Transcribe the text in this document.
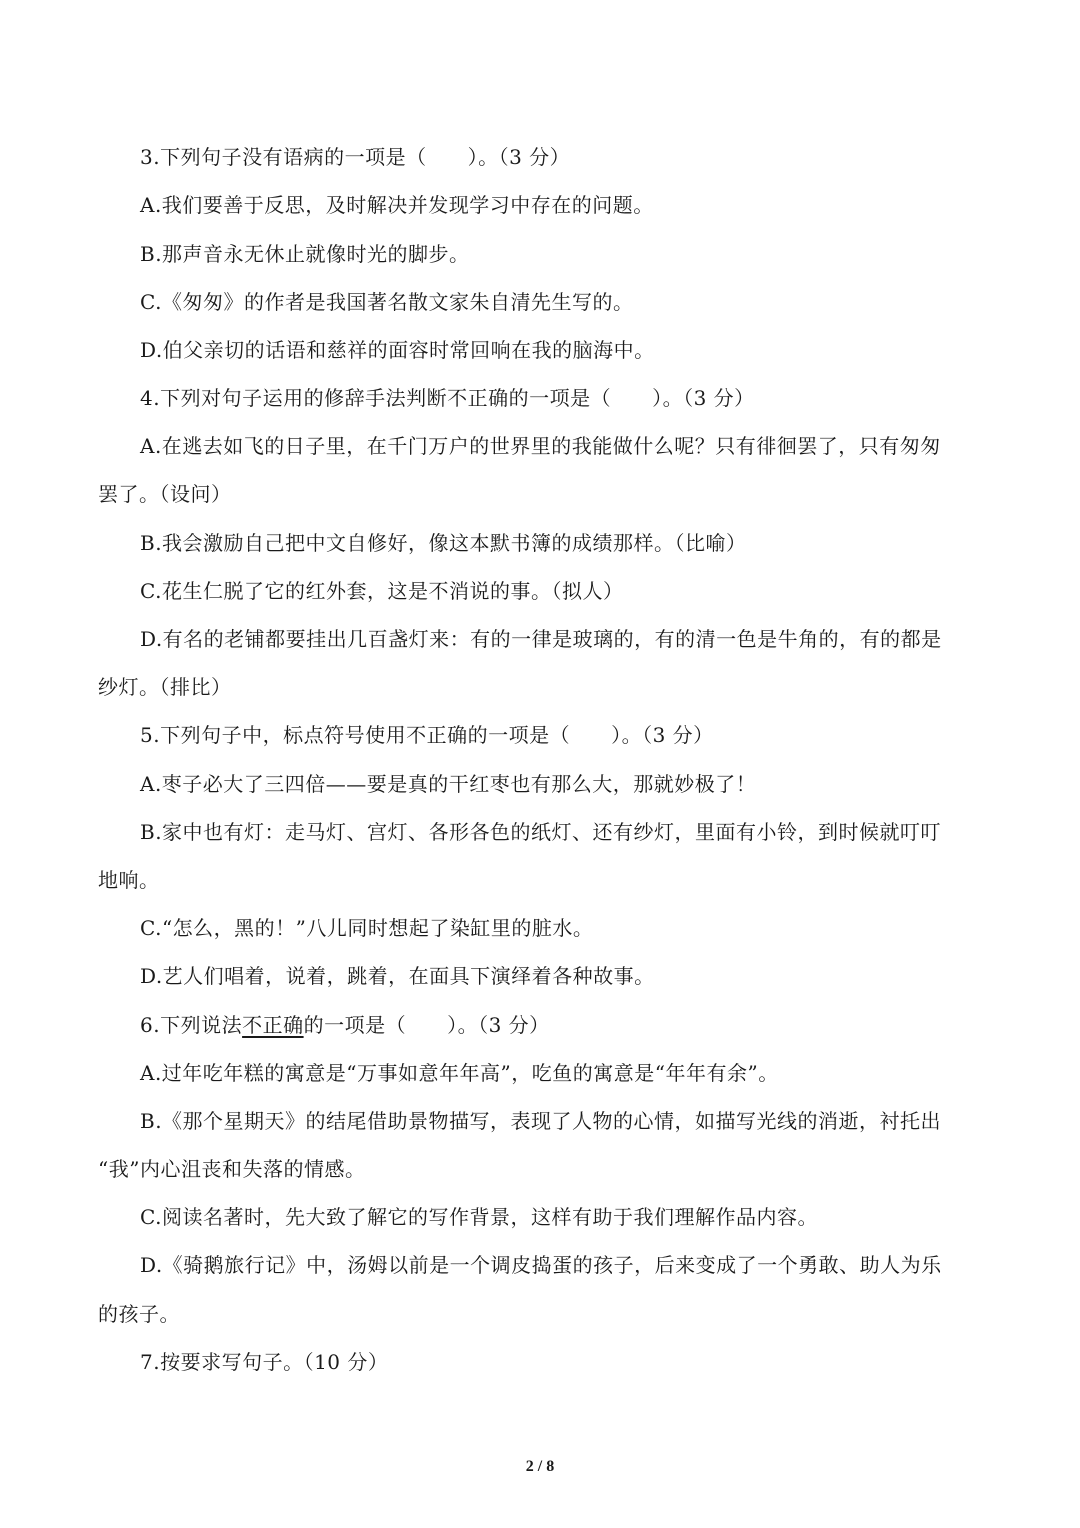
3.下列句子没有语病的一项是（　　）。（3 分）
A.我们要善于反思，及时解决并发现学习中存在的问题。
B.那声音永无休止就像时光的脚步。
C.《匆匆》的作者是我国著名散文家朱自清先生写的。
D.伯父亲切的话语和慈祥的面容时常回响在我的脑海中。
4.下列对句子运用的修辞手法判断不正确的一项是（　　）。（3 分）
A.在逃去如飞的日子里，在千门万户的世界里的我能做什么呢？只有徘徊罢了，只有匆匆
罢了。（设问）
B.我会激励自己把中文自修好，像这本默书簿的成绩那样。（比喻）
C.花生仁脱了它的红外套，这是不消说的事。（拟人）
D.有名的老铺都要挂出几百盏灯来：有的一律是玻璃的，有的清一色是牛角的，有的都是
纱灯。（排比）
5.下列句子中，标点符号使用不正确的一项是（　　）。（3 分）
A.枣子必大了三四倍——要是真的干红枣也有那么大，那就妙极了！
B.家中也有灯：走马灯、宫灯、各形各色的纸灯、还有纱灯，里面有小铃，到时候就叮叮
地响。
C.“怎么，黑的！”八儿同时想起了染缸里的脏水。
D.艺人们唱着，说着，跳着，在面具下演绎着各种故事。
6.下列说法不正确的一项是（　　）。（3 分）
A.过年吃年糕的寓意是“万事如意年年高”，吃鱼的寓意是“年年有余”。
B.《那个星期天》的结尾借助景物描写，表现了人物的心情，如描写光线的消逝，衬托出
“我”内心沮丧和失落的情感。
C.阅读名著时，先大致了解它的写作背景，这样有助于我们理解作品内容。
D.《骑鹅旅行记》中，汤姆以前是一个调皮捣蛋的孩子，后来变成了一个勇敢、助人为乐
的孩子。
7.按要求写句子。（10 分）
2 / 8
